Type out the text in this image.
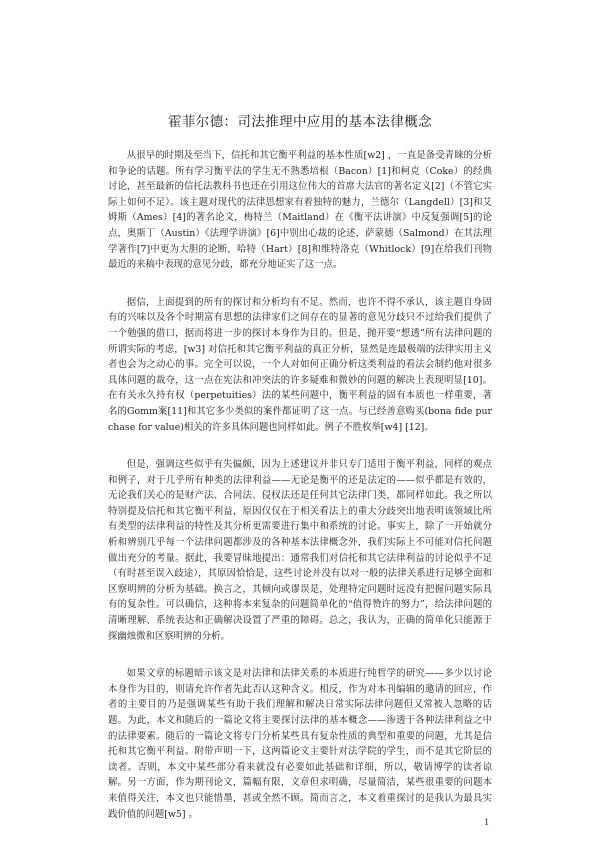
霍菲尔德：司法推理中应用的基本法律概念

从很早的时期及至当下，信托和其它衡平利益的基本性质[w2] ，一直是备受青睐的分析和争论的话题。所有学习衡平法的学生无不熟悉培根（Bacon）[1]和柯克（Coke）的经典讨论，甚至最新的信托法教科书也还在引用这位伟大的首席大法官的著名定义[2]（不管它实际上如何不足）。该主题对现代的法律思想家有着独特的魅力，兰德尔（Langdell）[3]和艾姆斯（Ames）[4]的著名论文，梅特兰（Maitland）在《衡平法讲演》中反复强调[5]的论点，奥斯丁（Austin）《法理学讲演》[6]中别出心裁的论述，萨蒙德（Salmond）在其法理学著作[7]中更为大胆的论断，哈特（Hart）[8]和维特洛克（Whitlock）[9]在给我们刊物最近的来稿中表现的意见分歧，都充分地证实了这一点。

据信，上面提到的所有的探讨和分析均有不足。然而，也许不得不承认，该主题自身固有的兴味以及各个时期富有思想的法律家们之间存在的显著的意见分歧只不过给我们提供了一个勉强的借口，据而将进一步的探讨本身作为目的。但是，抛开要“想透”所有法律问题的所谓实际的考虑，[w3] 对信托和其它衡平利益的真正分析，显然是连最极端的法律实用主义者也会为之动心的事。完全可以说，一个人对如何正确分析这类利益的看法会制约他对很多具体问题的裁夺，这一点在宪法和冲突法的许多疑难和微妙的问题的解决上表现明显[10]。在有关永久持有权（perpetuities）法的某些问题中，衡平利益的固有本质也一样重要，著名的Gomm案[11]和其它多少类似的案件都证明了这一点。与已经善意购买(bona fide purchase for value)相关的许多具体问题也同样如此。例子不胜枚举[w4] [12]。

但是，强调这些似乎有失偏颇，因为上述建议并非只专门适用于衡平利益，同样的观点和例子，对于几乎所有种类的法律利益——无论是衡平的还是法定的——似乎都是有效的，无论我们关心的是财产法、合同法、侵权法还是任何其它法律门类，都同样如此。我之所以特别提及信托和其它衡平利益，原因仅仅在于相关看法上的重大分歧突出地表明该领域比所有类型的法律利益的特性及其分析更需要进行集中和系统的讨论。事实上，除了一开始就分析和辨别几乎每一个法律问题都涉及的各种基本法律概念外，我们实际上不可能对信托问题做出充分的考量。据此，我要冒昧地提出：通常我们对信托和其它法律利益的讨论似乎不足（有时甚至误入歧途），其原因恰恰是，这些讨论并没有以对一般的法律关系进行足够全面和区察明辨的分析为基础。换言之，其倾向或谬误是，处理特定问题时远没有把握问题实际具有的复杂性。可以确信，这种将本来复杂的问题简单化的“值得赞许的努力”，给法律问题的清晰理解、系统表达和正确解决设置了严重的障碍。总之，我认为，正确的简单化只能源于探幽烛微和区察明辨的分析。

如果文章的标题暗示该文是对法律和法律关系的本质进行纯哲学的研究——多少以讨论本身作为目的，则请允许作者先此否认这种含义。相反，作为对本刊编辑的邀请的回应，作者的主要目的乃是强调某些有助于我们理解和解决日常实际法律问题但又常被人忽略的话题。为此，本文和随后的一篇论文将主要探讨法律的基本概念——渗透于各种法律利益之中的法律要素。随后的一篇论文将专门分析某些具有复杂性质的典型和重要的问题，尤其是信托和其它衡平利益。附带声明一下，这两篇论文主要针对法学院的学生，而不是其它阶层的读者。否则，本文中某些部分看来就没有必要如此基础和详细，所以，敬请博学的读者谅解。另一方面，作为期刊论文，篇幅有限，文章但求明确，尽量简洁，某些很重要的问题本来值得关注，本文也只能惜墨，甚或全然不顾。简而言之，本文着重探讨的是我认为最具实践价值的问题[w5] 。

1
